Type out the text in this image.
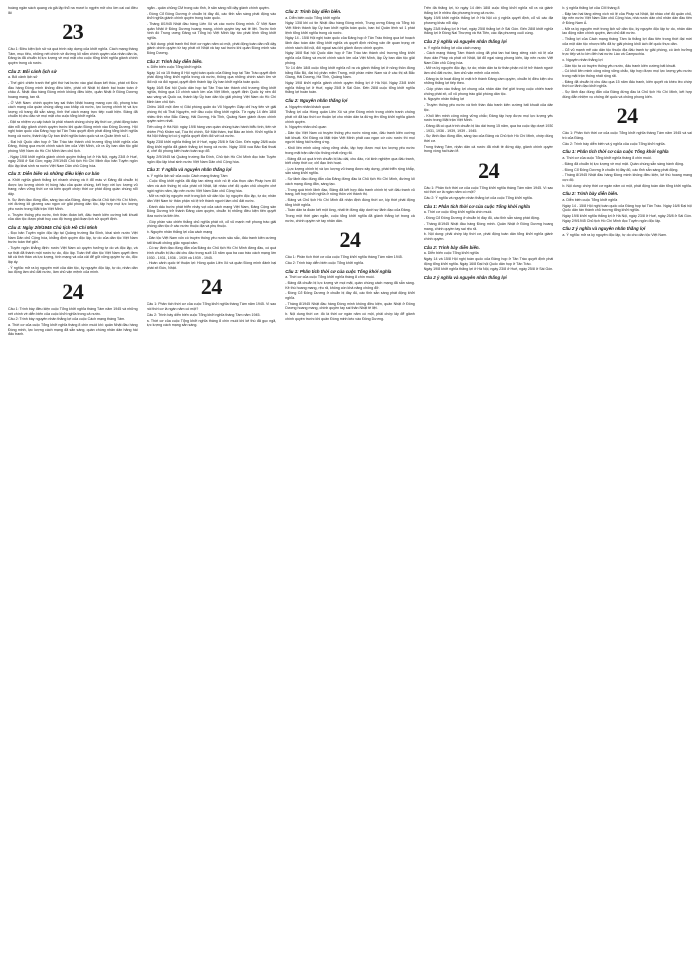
hoàng ngân sách quang và giả lập thổ na mươi lc ngyên mở cho lờn cai cai điều lãi

23

Câu 1: Điều kiện lịch sử và quá trình xây dựng của khởi nghĩa. Cách mạng tháng Tám, mục tiêu, những nét chính về đường lối nắm chính quyền của nhân dân ta, Đảng ta đã chuẩn bị lực lượng về mọi mặt cho cuộc tổng khởi nghĩa giành chính quyền trong cả nước.

Câu 2: Bối cảnh lịch sử

a. Bối cảnh lịch sử

- Thế giới: chiến tranh thế giới thứ hai bước vào giai đoạn kết thúc, phát xít Đức đầu hàng Đồng minh không điều kiện, phát xít Nhật bị đánh bại hoàn toàn ở châu Á. Nhật đầu hàng Đồng minh không điều kiện, quân Nhật ở Đông Dương hoang mang, tan rã.

- Ở Việt Nam: chính quyền tay sai thân Nhật hoang mang cực độ, phong trào cách mạng của quần chúng dâng cao khắp cả nước, lực lượng chính trị và lực lượng vũ trang đã sẵn sàng, tình thế cách mạng trực tiếp xuất hiện. Đảng đã chuẩn bị chu đáo về mọi mặt cho cuộc tổng khởi nghĩa.

- Đặt ra nhiệm vụ cấp bách là phải nhanh chóng chớp lấy thời cơ, phát động toàn dân nổi dậy giành chính quyền trước khi quân Đồng minh vào Đông Dương. Hội nghị toàn quốc của Đảng họp tại Tân Trào quyết định phát động tổng khởi nghĩa trong cả nước, thành lập Ủy ban khởi nghĩa toàn quốc và ra Quân lệnh số 1.

- Đại hội Quốc dân họp ở Tân Trào tán thành chủ trương tổng khởi nghĩa của Đảng, thông qua mười chính sách lớn của Việt Minh, cử ra Ủy ban dân tộc giải phóng Việt Nam do Hồ Chí Minh làm chủ tịch.

- Ngày 19/8 khởi nghĩa giành chính quyền thắng lợi ở Hà Nội, ngày 23/8 ở Huế, ngày 25/8 ở Sài Gòn; ngày 2/9/1945 Chủ tịch Hồ Chí Minh đọc bản Tuyên ngôn độc lập khai sinh ra nước Việt Nam Dân chủ Cộng hòa.

Câu 3: Diễn biến và những điều kiện cơ bản

a. Khởi nghĩa giành thắng lợi nhanh chóng và ít đổ máu vì Đảng đã chuẩn bị được lực lượng chính trị hùng hậu của quần chúng, kết hợp với lực lượng vũ trang; nắm vững thời cơ và kiên quyết chớp thời cơ phát động quần chúng nổi dậy.

b. Sự lãnh đạo đúng đắn, sáng tạo của Đảng, đứng đầu là Chủ tịch Hồ Chí Minh, với đường lối giương cao ngọn cờ giải phóng dân tộc, tập hợp mọi lực lượng yêu nước trong Mặt trận Việt Minh.

c. Truyền thống yêu nước, tinh thần đoàn kết, đấu tranh kiên cường bất khuất của dân tộc được phát huy cao độ trong giai đoạn lịch sử quyết định.

Câu 4: Ngày 2/9/1945 Chủ tịch Hồ Chí Minh

- Đọc bản Tuyên ngôn độc lập tại Quảng trường Ba Đình, khai sinh nước Việt Nam Dân chủ Cộng hòa, khẳng định quyền độc lập, tự do của dân tộc Việt Nam trước toàn thế giới.

- Tuyên ngôn khẳng định: nước Việt Nam có quyền hưởng tự do và độc lập, và sự thật đã thành một nước tự do, độc lập. Toàn thể dân tộc Việt Nam quyết đem tất cả tinh thần và lực lượng, tính mạng và của cải để giữ vững quyền tự do, độc lập ấy.

- Ý nghĩa: mở ra kỷ nguyên mới của dân tộc, kỷ nguyên độc lập, tự do, nhân dân lao động làm chủ đất nước, làm chủ vận mệnh của mình.

24

Câu 1: Trình bày điều kiện cuộc Tổng khởi nghĩa tháng Tám năm 1945 và những nét chính về diễn biến của cuộc khởi nghĩa trong cả nước.

Câu 2: Trình bày nguyên nhân thắng lợi của cuộc Cách mạng tháng Tám.

a. Thời cơ của cuộc Tổng khởi nghĩa tháng 8 chín muồi khi: quân Nhật đầu hàng Đồng minh, lực lượng cách mạng đã sẵn sàng, quần chúng nhân dân hăng hái đấu tranh.

ngắn - quân chủng CM trong các tỉnh, ở sẵn sàng nổi dậy giành chính quyền.

- Đồng Cổ Đông Dương ở chuẩn bị đầy đủ, các tỉnh sẵn sàng phát động vào khởi nghĩa giành chính quyền trong toàn quốc.

- Tháng 8/1945 Nhật đầu hàng Liên Xô và các nước Đồng minh. Ở Việt Nam quân Nhật ở Đông Dương hoang mang, chính quyền tay sai tê liệt. Trước tình hình đó Trung ương Đảng và Tổng bộ Việt Minh lập tức phát lệnh tổng khởi nghĩa.

b. Nội dung: phải tranh thủ thời cơ ngàn năm có một, phát động toàn dân nổi dậy giành chính quyền từ tay phát xít Nhật và tay sai trước khi quân Đồng minh vào Đông Dương.

Câu 2: Trình bày diễn biến.

a. Diễn biến cuộc Tổng khởi nghĩa

Ngày 14 và 15 tháng 8 Hội nghị toàn quốc của Đảng họp tại Tân Trào quyết định phát động tổng khởi nghĩa trong cả nước, thông qua những chính sách lớn về đối nội và đối ngoại, quyết định thành lập Ủy ban khởi nghĩa toàn quốc.

Ngày 16/8 Đại hội Quốc dân họp tại Tân Trào tán thành chủ trương tổng khởi nghĩa, thông qua 10 chính sách lớn của Việt Minh, quyết định Quốc kỳ nền đỏ sao vàng và Quốc ca, thành lập Ủy ban dân tộc giải phóng Việt Nam do Hồ Chí Minh làm chủ tịch.

Chiều 16/8 một đơn vị Giải phóng quân do Võ Nguyên Giáp chỉ huy tiến về giải phóng thị xã Thái Nguyên, mở đầu cuộc tổng khởi nghĩa. Từ ngày 14 đến 18/8 nhiều tỉnh như Bắc Giang, Hải Dương, Hà Tĩnh, Quảng Nam giành được chính quyền sớm nhất.

Tiến công ở Hà Nội: ngày 19/8 hàng vạn quần chúng tuần hành biểu tình, tiến về chiếm Phủ Khâm sai, Tòa thị chính, Sở Mật thám, trại Bảo an binh. Khởi nghĩa ở Hà Nội thắng lợi có ý nghĩa quyết định đối với cả nước.

Ngày 23/8 khởi nghĩa thắng lợi ở Huế, ngày 25/8 ở Sài Gòn. Đến ngày 28/8 cuộc tổng khởi nghĩa đã giành thắng lợi trong cả nước. Ngày 30/8 vua Bảo Đại thoái vị, chế độ phong kiến hoàn toàn sụp đổ.

Ngày 2/9/1945 tại Quảng trường Ba Đình, Chủ tịch Hồ Chí Minh đọc bản Tuyên ngôn độc lập khai sinh nước Việt Nam Dân chủ Cộng hòa.

Câu 3: Ý nghĩa và nguyên nhân thắng lợi

a. Ý nghĩa lịch sử của cuộc Cách mạng tháng Tám

- Cuộc tổng khởi nghĩa đã đập tan xiềng xích nô lệ của thực dân Pháp hơn 80 năm và ách thống trị của phát xít Nhật, lật nhào chế độ quân chủ chuyên chế ngót nghìn năm, lập nên nước Việt Nam Dân chủ Cộng hòa.

- Mở ra một kỷ nguyên mới trong lịch sử dân tộc: kỷ nguyên độc lập, tự do; nhân dân Việt Nam từ thân phận nô lệ trở thành người làm chủ đất nước.

- Đánh dấu bước phát triển nhảy vọt của cách mạng Việt Nam, Đảng Cộng sản Đông Dương trở thành Đảng cầm quyền, chuẩn bị những điều kiện tiên quyết đưa nước ta tiến lên.

- Góp phần vào chiến thắng chủ nghĩa phát xít, cổ vũ mạnh mẽ phong trào giải phóng dân tộc ở các nước thuộc địa và phụ thuộc.

b. Nguyên nhân thắng lợi của cách mạng

- Dân tộc Việt Nam vốn có truyền thống yêu nước sâu sắc, đấu tranh kiên cường bất khuất chống giặc ngoại xâm.

- Có sự lãnh đạo đúng đắn của Đảng do Chủ tịch Hồ Chí Minh đứng đầu, có quá trình chuẩn bị lâu dài chu đáo trong suốt 15 năm qua ba cao trào cách mạng lớn 1930 - 1931, 1936 - 1939 và 1939 - 1945.

- Hoàn cảnh quốc tế thuận lợi: Hồng quân Liên Xô và quân Đồng minh đánh bại phát xít Đức, Nhật.

24

Câu 1: Phân tích thời cơ của cuộc Tổng khởi nghĩa tháng Tám năm 1945. Vì sao nói thời cơ là ngàn năm có một?

Câu 2: Trình bày diễn biến cuộc Tổng khởi nghĩa tháng Tám năm 1945.

a. Thời cơ của cuộc Tổng khởi nghĩa tháng 8 chín muồi khi kẻ thù đã gục ngã, lực lượng cách mạng sẵn sàng.

Câu 2: Trình bày diễn biến.

a. Diễn biến cuộc Tổng khởi nghĩa

Ngày 13/8 khi có tin Nhật đầu hàng Đồng minh, Trung ương Đảng và Tổng bộ Việt Minh thành lập Ủy ban khởi nghĩa toàn quốc, ban bố Quân lệnh số 1 phát lệnh tổng khởi nghĩa trong cả nước.

Ngày 14 - 15/8 Hội nghị toàn quốc của Đảng họp ở Tân Trào thông qua kế hoạch lãnh đạo toàn dân tổng khởi nghĩa và quyết định những vấn đề quan trọng về chính sách đối nội, đối ngoại sau khi giành được chính quyền.

Ngày 16/8 Đại hội Quốc dân họp ở Tân Trào tán thành chủ trương tổng khởi nghĩa của Đảng và mười chính sách lớn của Việt Minh, lập Ủy ban dân tộc giải phóng.

Từ 14 đến 18/8 cuộc tổng khởi nghĩa nổ ra và giành thắng lợi ở nông thôn đồng bằng Bắc Bộ, đại bộ phận miền Trung, một phần miền Nam và ở các thị xã Bắc Giang, Hải Dương, Hà Tĩnh, Quảng Nam.

Ngày 19/8 khởi nghĩa giành chính quyền thắng lợi ở Hà Nội. Ngày 23/8 khởi nghĩa thắng lợi ở Huế, ngày 25/8 ở Sài Gòn. Đến 28/8 cuộc tổng khởi nghĩa thắng lợi hoàn toàn.

Câu 2: Nguyên nhân thắng lợi

a. Nguyên nhân khách quan

Thắng lợi của Hồng quân Liên Xô và phe Đồng minh trong chiến tranh chống phát xít đã tạo thời cơ thuận lợi cho nhân dân ta đứng lên tổng khởi nghĩa giành chính quyền.

b. Nguyên nhân chủ quan

- Dân tộc Việt Nam có truyền thống yêu nước nồng nàn, đấu tranh kiên cường bất khuất. Khi Đảng và Mặt trận Việt Minh phất cao ngọn cờ cứu nước thì mọi người hăng hái hưởng ứng.

- Khối liên minh công nông vững chắc, tập hợp được mọi lực lượng yêu nước trong mặt trận dân tộc thống nhất rộng rãi.

- Đảng đã có quá trình chuẩn bị lâu dài, chu đáo, rút kinh nghiệm qua đấu tranh, biết chớp thời cơ, chỉ đạo linh hoạt.

- Lực lượng chính trị và lực lượng vũ trang được xây dựng, phát triển rộng khắp, sẵn sàng khởi nghĩa.

- Sự lãnh đạo đúng đắn của Đảng đứng đầu là Chủ tịch Hồ Chí Minh, đường lối cách mạng đúng đắn, sáng tạo.

- Trong quá trình lãnh đạo, Đảng đã kết hợp đấu tranh chính trị với đấu tranh vũ trang, kết hợp khởi nghĩa ở nông thôn với thành thị.

- Đảng và Chủ tịch Hồ Chí Minh đã nhận định đúng thời cơ, kịp thời phát động tổng khởi nghĩa.

- Toàn dân ta đoàn kết một lòng, nhất tề đứng dậy dưới sự lãnh đạo của Đảng.

Trong một thời gian ngắn, cuộc tổng khởi nghĩa đã giành thắng lợi trong cả nước, chính quyền về tay nhân dân.

24

Câu 1: Phân tích thời cơ của cuộc Tổng khởi nghĩa tháng Tám năm 1945.

Câu 2: Trình bày diễn biến cuộc Tổng khởi nghĩa.

Câu 1: Phân tích thời cơ của cuộc Tổng khởi nghĩa

a. Thời cơ của cuộc Tổng khởi nghĩa tháng 8 chín muồi.

- Đảng đã chuẩn bị lực lượng về mọi mặt, quần chúng cách mạng đã sẵn sàng. Kẻ thù hoang mang, rệu rã, không còn khả năng chống đỡ.

- Đồng Cổ Đông Dương ở chuẩn bị đầy đủ, các tỉnh sẵn sàng phát động khởi nghĩa.

- Tháng 8/1945 Nhật đầu hàng Đồng minh không điều kiện, quân Nhật ở Đông Dương hoang mang, chính quyền tay sai thân Nhật tê liệt.

b. Nội dung thời cơ: đó là thời cơ ngàn năm có một, phải chớp lấy để giành chính quyền trước khi quân Đồng minh kéo vào Đông Dương.

Trên đà thắng lợi, từ ngày 14 đến 18/8 cuộc tổng khởi nghĩa nổ ra và giành thắng lợi ở nhiều địa phương trong cả nước.

Ngày 19/8 khởi nghĩa thắng lợi ở Hà Nội có ý nghĩa quyết định, cổ vũ các địa phương khác nổi dậy.

Ngày 23/8 thắng lợi ở Huế, ngày 25/8 thắng lợi ở Sài Gòn. Đến 28/8 khởi nghĩa thắng lợi ở Đồng Nai Thượng và Hà Tiên, các địa phương cuối cùng.

Câu 2 ý nghĩa và nguyên nhân thắng lợi

a. Ý nghĩa thắng lợi của cách mạng

- Cách mạng tháng Tám thành công đã phá tan hai tầng xiềng xích nô lệ của thực dân Pháp và phát xít Nhật, lật đổ ngai vàng phong kiến, lập nên nước Việt Nam Dân chủ Cộng hòa.

- Mở ra kỷ nguyên độc lập, tự do; nhân dân ta từ thân phận nô lệ trở thành người làm chủ đất nước, làm chủ vận mệnh của mình.

- Đảng ta từ hoạt động bí mật trở thành Đảng cầm quyền, chuẩn bị điều kiện cho những thắng lợi tiếp theo.

- Góp phần vào thắng lợi chung của nhân dân thế giới trong cuộc chiến tranh chống phát xít, cổ vũ phong trào giải phóng dân tộc.

b. Nguyên nhân thắng lợi

- Truyền thống yêu nước và tinh thần đấu tranh kiên cường bất khuất của dân tộc.

- Khối liên minh công nông vững chắc; Đảng tập hợp được mọi lực lượng yêu nước trong Mặt trận Việt Minh.

- Đảng đã có quá trình chuẩn bị lâu dài trong 15 năm, qua ba cuộc tập dượt 1930 - 1931, 1936 - 1939, 1939 - 1945.

- Sự lãnh đạo đúng đắn, sáng tạo của Đảng và Chủ tịch Hồ Chí Minh, chớp đúng thời cơ.

Trong tháng Tám, nhân dân cả nước đã nhất tề đứng dậy, giành chính quyền trong vòng hai tuần lễ.

24

Câu 1: Phân tích thời cơ của cuộc Tổng khởi nghĩa tháng Tám năm 1945. Vì sao nói thời cơ là ngàn năm có một?

Câu 2: Ý nghĩa và nguyên nhân thắng lợi của cuộc Tổng khởi nghĩa.

Câu 1: Phân tích thời cơ của cuộc Tổng khởi nghĩa

a. Thời cơ cuộc tổng khởi nghĩa chín muồi.

- Đồng Cổ Đông Dương ở chuẩn bị đầy đủ, các tỉnh sẵn sàng phát động.

- Tháng 8/1945 Nhật đầu hàng Đồng minh. Quân Nhật ở Đông Dương hoang mang, chính quyền tay sai rệu rã.

b. Nội dung: phải chớp lấy thời cơ, phát động toàn dân tổng khởi nghĩa giành chính quyền.

Câu 2: Trình bày diễn biến.

a. Diễn biến cuộc Tổng khởi nghĩa

Ngày 14 và 15/8 Hội nghị toàn quốc của Đảng họp ở Tân Trào quyết định phát động tổng khởi nghĩa. Ngày 16/8 Đại hội Quốc dân họp ở Tân Trào.

Ngày 19/8 khởi nghĩa thắng lợi ở Hà Nội, ngày 23/8 ở Huế, ngày 25/8 ở Sài Gòn.

Câu 2 ý nghĩa và nguyên nhân thắng lợi

b. ý nghĩa thắng lợi của CM tháng 8

- Đập tan hai tầng xiềng xích nô lệ của Pháp và Nhật, lật nhào chế độ quân chủ, lập nên nước Việt Nam Dân chủ Cộng hòa, nhà nước dân chủ nhân dân đầu tiên ở Đông Nam Á.

- Mở ra kỷ nguyên mới trong lịch sử dân tộc, kỷ nguyên độc lập tự do, nhân dân lao động nắm chính quyền, làm chủ đất nước.

- Thắng lợi của Cách mạng tháng Tám là thắng lợi đầu tiên trong thời đại mới của một dân tộc nhược tiểu đã tự giải phóng khỏi ách đế quốc thực dân.

- Cổ vũ mạnh mẽ các dân tộc thuộc địa đấu tranh tự giải phóng, có ảnh hưởng trực tiếp và to lớn đến hai nước Lào và Campuchia.

c. Nguyên nhân thắng lợi

- Dân tộc ta có truyền thống yêu nước, đấu tranh kiên cường bất khuất.

- Có khối liên minh công nông vững chắc, tập hợp được mọi lực lượng yêu nước trong mặt trận thống nhất rộng rãi.

- Đảng đã chuẩn bị chu đáo qua 15 năm đấu tranh, kiên quyết và khéo léo chớp thời cơ lãnh đạo khởi nghĩa.

- Sự lãnh đạo đúng đắn của Đảng đứng đầu là Chủ tịch Hồ Chí Minh, kết hợp đúng đắn nhiệm vụ chống đế quốc và chống phong kiến.

24

Câu 1: Phân tích thời cơ của cuộc Tổng khởi nghĩa tháng Tám năm 1945 và vai trò của Đảng.

Câu 2: Trình bày diễn biến và ý nghĩa của cuộc Tổng khởi nghĩa.

Câu 1: Phân tích thời cơ của cuộc Tổng khởi nghĩa

a. Thời cơ của cuộc Tổng khởi nghĩa tháng 8 chín muồi.

- Đảng đã chuẩn bị lực lượng về mọi mặt. Quần chúng sẵn sàng hành động.

- Đồng Cổ Đông Dương ở chuẩn bị đầy đủ, các tỉnh sẵn sàng phát động.

- Tháng 8/1945 Nhật đầu hàng Đồng minh không điều kiện, kẻ thù hoang mang cực độ.

b. Nội dung: chớp thời cơ ngàn năm có một, phát động toàn dân tổng khởi nghĩa.

Câu 2: Trình bày diễn biến.

a. Diễn biến cuộc Tổng khởi nghĩa

Ngày 14 - 15/8 Hội nghị toàn quốc của Đảng họp tại Tân Trào. Ngày 16/8 Đại hội Quốc dân tán thành chủ trương tổng khởi nghĩa.

Ngày 19/8 khởi nghĩa thắng lợi ở Hà Nội, ngày 23/8 ở Huế, ngày 25/8 ở Sài Gòn. Ngày 2/9/1945 Chủ tịch Hồ Chí Minh đọc Tuyên ngôn độc lập.

Câu 2 ý nghĩa và nguyên nhân thắng lợi

a. Ý nghĩa: mở ra kỷ nguyên độc lập, tự do cho dân tộc Việt Nam.
